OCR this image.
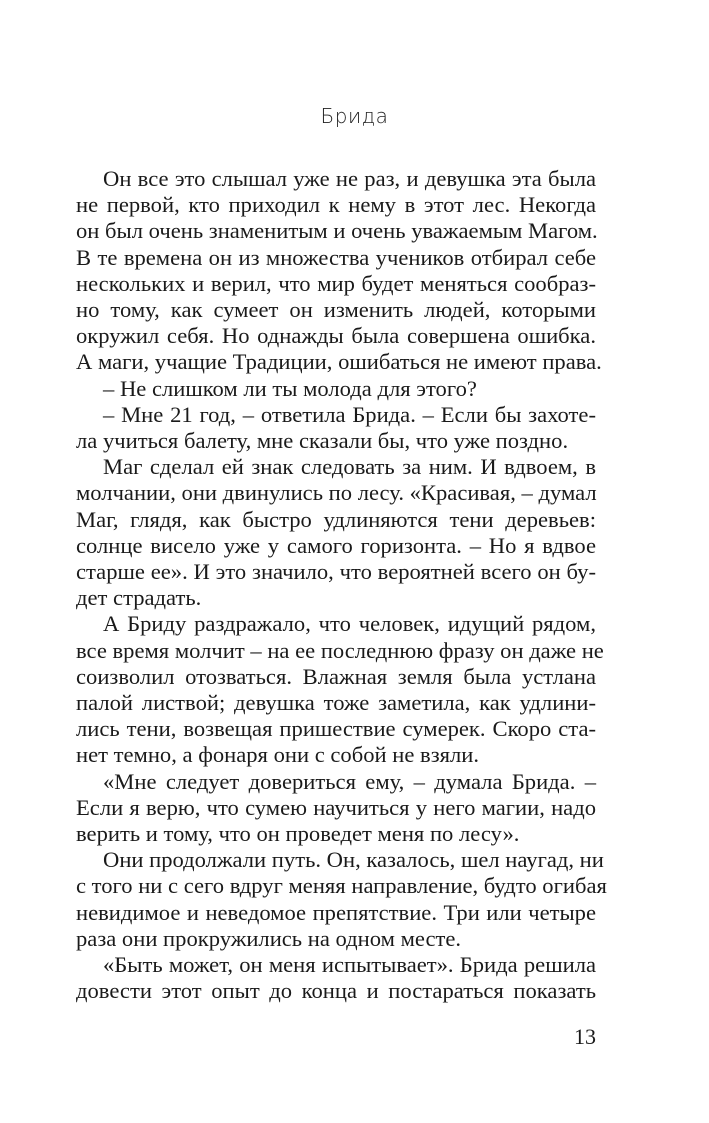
Брида
Он все это слышал уже не раз, и девушка эта была
не первой, кто приходил к нему в этот лес. Некогда
он был очень знаменитым и очень уважаемым Магом.
В те времена он из множества учеников отбирал себе
нескольких и верил, что мир будет меняться сообраз-
но тому, как сумеет он изменить людей, которыми
окружил себя. Но однажды была совершена ошибка.
А маги, учащие Традиции, ошибаться не имеют права.
– Не слишком ли ты молода для этого?
– Мне 21 год, – ответила Брида. – Если бы захоте-
ла учиться балету, мне сказали бы, что уже поздно.
Маг сделал ей знак следовать за ним. И вдвоем, в
молчании, они двинулись по лесу. «Красивая, – думал
Маг, глядя, как быстро удлиняются тени деревьев:
солнце висело уже у самого горизонта. – Но я вдвое
старше ее». И это значило, что вероятней всего он бу-
дет страдать.
А Бриду раздражало, что человек, идущий рядом,
все время молчит – на ее последнюю фразу он даже не
соизволил отозваться. Влажная земля была устлана
палой листвой; девушка тоже заметила, как удлини-
лись тени, возвещая пришествие сумерек. Скоро ста-
нет темно, а фонаря они с собой не взяли.
«Мне следует довериться ему, – думала Брида. –
Если я верю, что сумею научиться у него магии, надо
верить и тому, что он проведет меня по лесу».
Они продолжали путь. Он, казалось, шел наугад, ни
с того ни с сего вдруг меняя направление, будто огибая
невидимое и неведомое препятствие. Три или четыре
раза они прокружились на одном месте.
«Быть может, он меня испытывает». Брида решила
довести этот опыт до конца и постараться показать
13
